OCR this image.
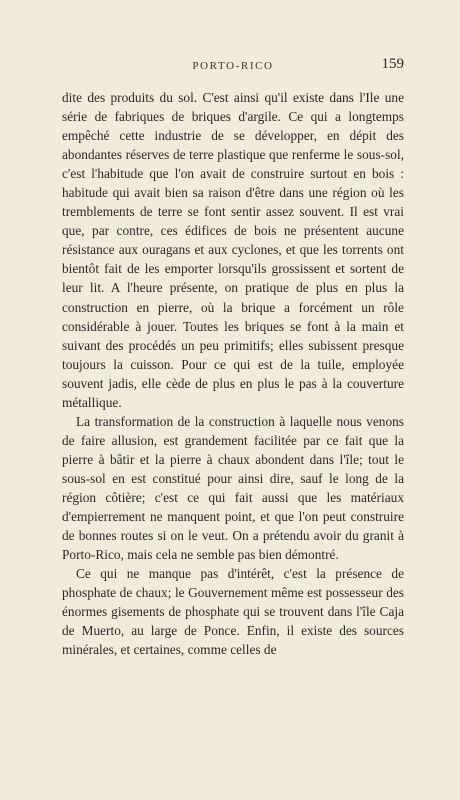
PORTO-RICO	159

dite des produits du sol. C'est ainsi qu'il existe dans l'Ile une série de fabriques de briques d'argile. Ce qui a longtemps empêché cette industrie de se développer, en dépit des abondantes réserves de terre plastique que renferme le sous-sol, c'est l'habitude que l'on avait de construire surtout en bois : habitude qui avait bien sa raison d'être dans une région où les tremblements de terre se font sentir assez souvent. Il est vrai que, par contre, ces édifices de bois ne présentent aucune résistance aux ouragans et aux cyclones, et que les torrents ont bientôt fait de les emporter lorsqu'ils grossissent et sortent de leur lit. A l'heure présente, on pratique de plus en plus la construction en pierre, où la brique a forcément un rôle considérable à jouer. Toutes les briques se font à la main et suivant des procédés un peu primitifs; elles subissent presque toujours la cuisson. Pour ce qui est de la tuile, employée souvent jadis, elle cède de plus en plus le pas à la couverture métallique.

La transformation de la construction à laquelle nous venons de faire allusion, est grandement facilitée par ce fait que la pierre à bâtir et la pierre à chaux abondent dans l'île; tout le sous-sol en est constitué pour ainsi dire, sauf le long de la région côtière; c'est ce qui fait aussi que les matériaux d'empierrement ne manquent point, et que l'on peut construire de bonnes routes si on le veut. On a prétendu avoir du granit à Porto-Rico, mais cela ne semble pas bien démontré.

Ce qui ne manque pas d'intérêt, c'est la présence de phosphate de chaux; le Gouvernement même est possesseur des énormes gisements de phosphate qui se trouvent dans l'île Caja de Muerto, au large de Ponce. Enfin, il existe des sources minérales, et certaines, comme celles de
